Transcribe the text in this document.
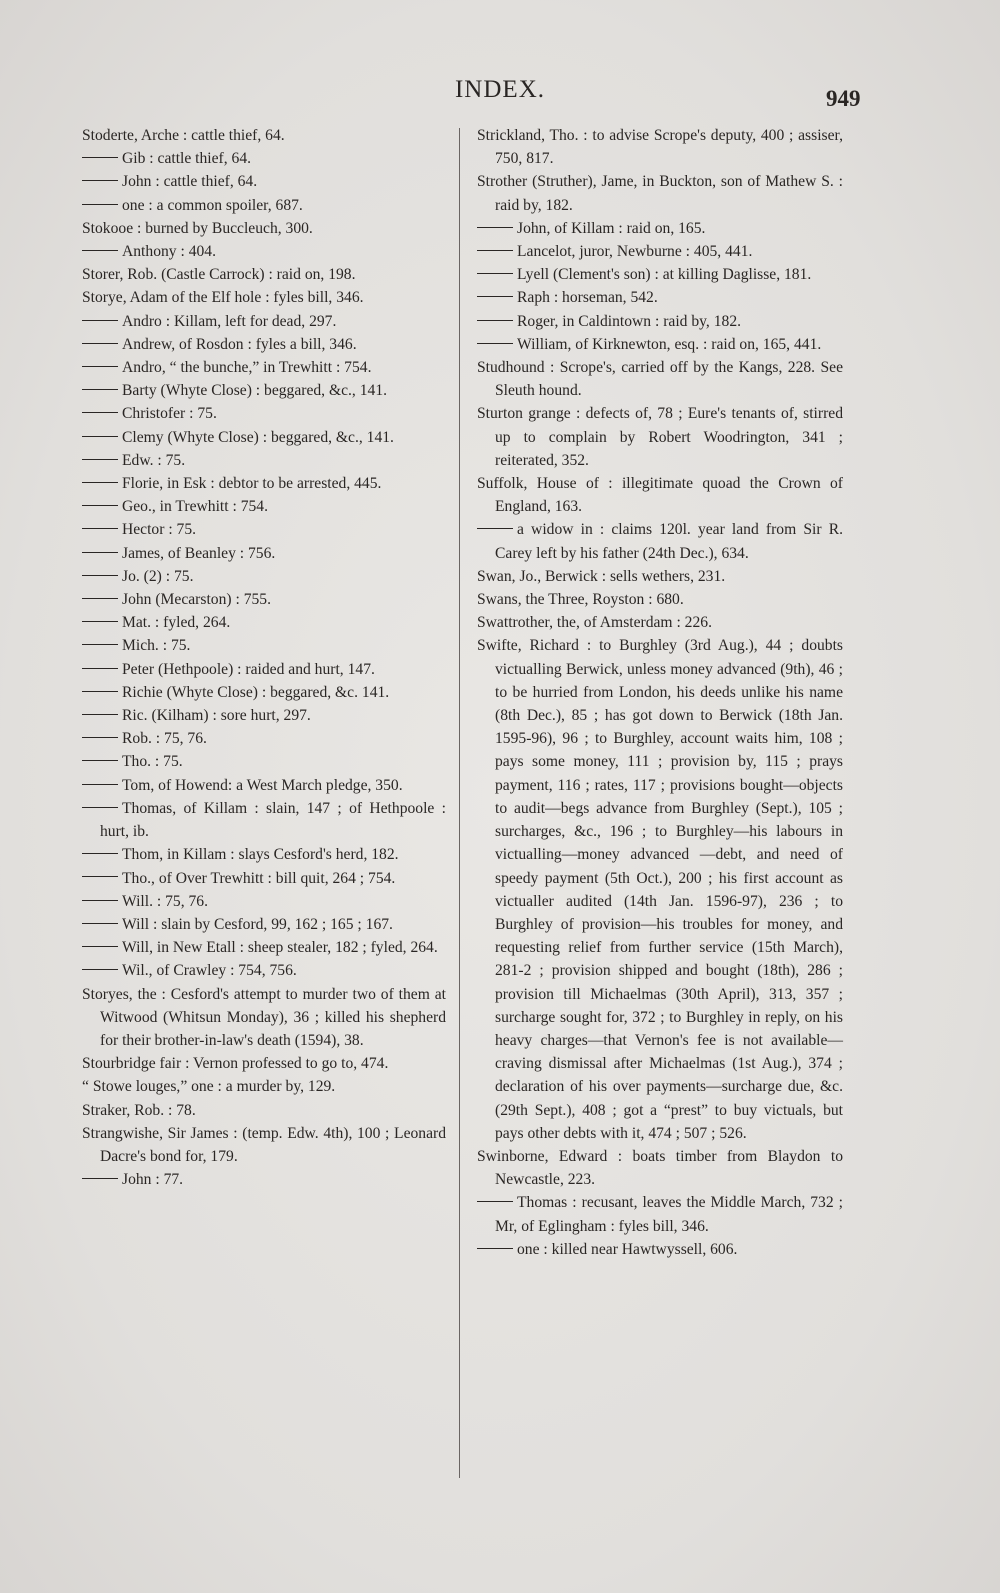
INDEX.	949

Stoderte, Arche : cattle thief, 64.

Gib : cattle thief, 64.

John : cattle thief, 64.

one : a common spoiler, 687.

Stokooe : burned by Buccleuch, 300.

Anthony : 404.

Storer, Rob. (Castle Carrock) : raid on, 198.

Storye, Adam of the Elf hole : fyles bill, 346.

Andro : Killam, left for dead, 297.

Andrew, of Rosdon : fyles a bill, 346.

Andro, “ the bunche,” in Trewhitt : 754.

Barty (Whyte Close) : beggared, &c., 141.

Christofer : 75.

Clemy (Whyte Close) : beggared, &c., 141.

Edw. : 75.

Florie, in Esk : debtor to be arrested, 445.

Geo., in Trewhitt : 754.

Hector : 75.

James, of Beanley : 756.

Jo. (2) : 75.

John (Mecarston) : 755.

Mat. : fyled, 264.

Mich. : 75.

Peter (Hethpoole) : raided and hurt, 147.

Richie (Whyte Close) : beggared, &c. 141.

Ric. (Kilham) : sore hurt, 297.

Rob. : 75, 76.

Tho. : 75.

Tom, of Howend: a West March pledge, 350.

Thomas, of Killam : slain, 147 ; of Hethpoole : hurt, ib.

Thom, in Killam : slays Cesford's herd, 182.

Tho., of Over Trewhitt : bill quit, 264 ; 754.

Will. : 75, 76.

Will : slain by Cesford, 99, 162 ; 165 ; 167.

Will, in New Etall : sheep stealer, 182 ; fyled, 264.

Wil., of Crawley : 754, 756.

Storyes, the : Cesford's attempt to murder two of them at Witwood (Whitsun Monday), 36 ; killed his shepherd for their brother-in-law's death (1594), 38.

Stourbridge fair : Vernon professed to go to, 474.

“ Stowe louges,” one : a murder by, 129.

Straker, Rob. : 78.

Strangwishe, Sir James : (temp. Edw. 4th), 100 ; Leonard Dacre's bond for, 179.

John : 77.

Strickland, Tho. : to advise Scrope's deputy, 400 ; assiser, 750, 817.

Strother (Struther), Jame, in Buckton, son of Mathew S. : raid by, 182.

John, of Killam : raid on, 165.

Lancelot, juror, Newburne : 405, 441.

Lyell (Clement's son) : at killing Daglisse, 181.

Raph : horseman, 542.

Roger, in Caldintown : raid by, 182.

William, of Kirknewton, esq. : raid on, 165, 441.

Studhound : Scrope's, carried off by the Kangs, 228. See Sleuth hound.

Sturton grange : defects of, 78 ; Eure's tenants of, stirred up to complain by Robert Woodrington, 341 ; reiterated, 352.

Suffolk, House of : illegitimate quoad the Crown of England, 163.

a widow in : claims 120l. year land from Sir R. Carey left by his father (24th Dec.), 634.

Swan, Jo., Berwick : sells wethers, 231.

Swans, the Three, Royston : 680.

Swattrother, the, of Amsterdam : 226.

Swifte, Richard : to Burghley (3rd Aug.), 44 ; doubts victualling Berwick, unless money advanced (9th), 46 ; to be hurried from London, his deeds unlike his name (8th Dec.), 85 ; has got down to Berwick (18th Jan. 1595-96), 96 ; to Burghley, account waits him, 108 ; pays some money, 111 ; provision by, 115 ; prays payment, 116 ; rates, 117 ; provisions bought—objects to audit—begs advance from Burghley (Sept.), 105 ; surcharges, &c., 196 ; to Burghley—his labours in victualling—money advanced —debt, and need of speedy payment (5th Oct.), 200 ; his first account as victualler audited (14th Jan. 1596-97), 236 ; to Burghley of provision—his troubles for money, and requesting relief from further service (15th March), 281-2 ; provision shipped and bought (18th), 286 ; provision till Michaelmas (30th April), 313, 357 ; surcharge sought for, 372 ; to Burghley in reply, on his heavy charges—that Vernon's fee is not available—craving dismissal after Michaelmas (1st Aug.), 374 ; declaration of his over payments—surcharge due, &c. (29th Sept.), 408 ; got a “prest” to buy victuals, but pays other debts with it, 474 ; 507 ; 526.

Swinborne, Edward : boats timber from Blaydon to Newcastle, 223.

Thomas : recusant, leaves the Middle March, 732 ; Mr, of Eglingham : fyles bill, 346.

one : killed near Hawtwyssell, 606.
